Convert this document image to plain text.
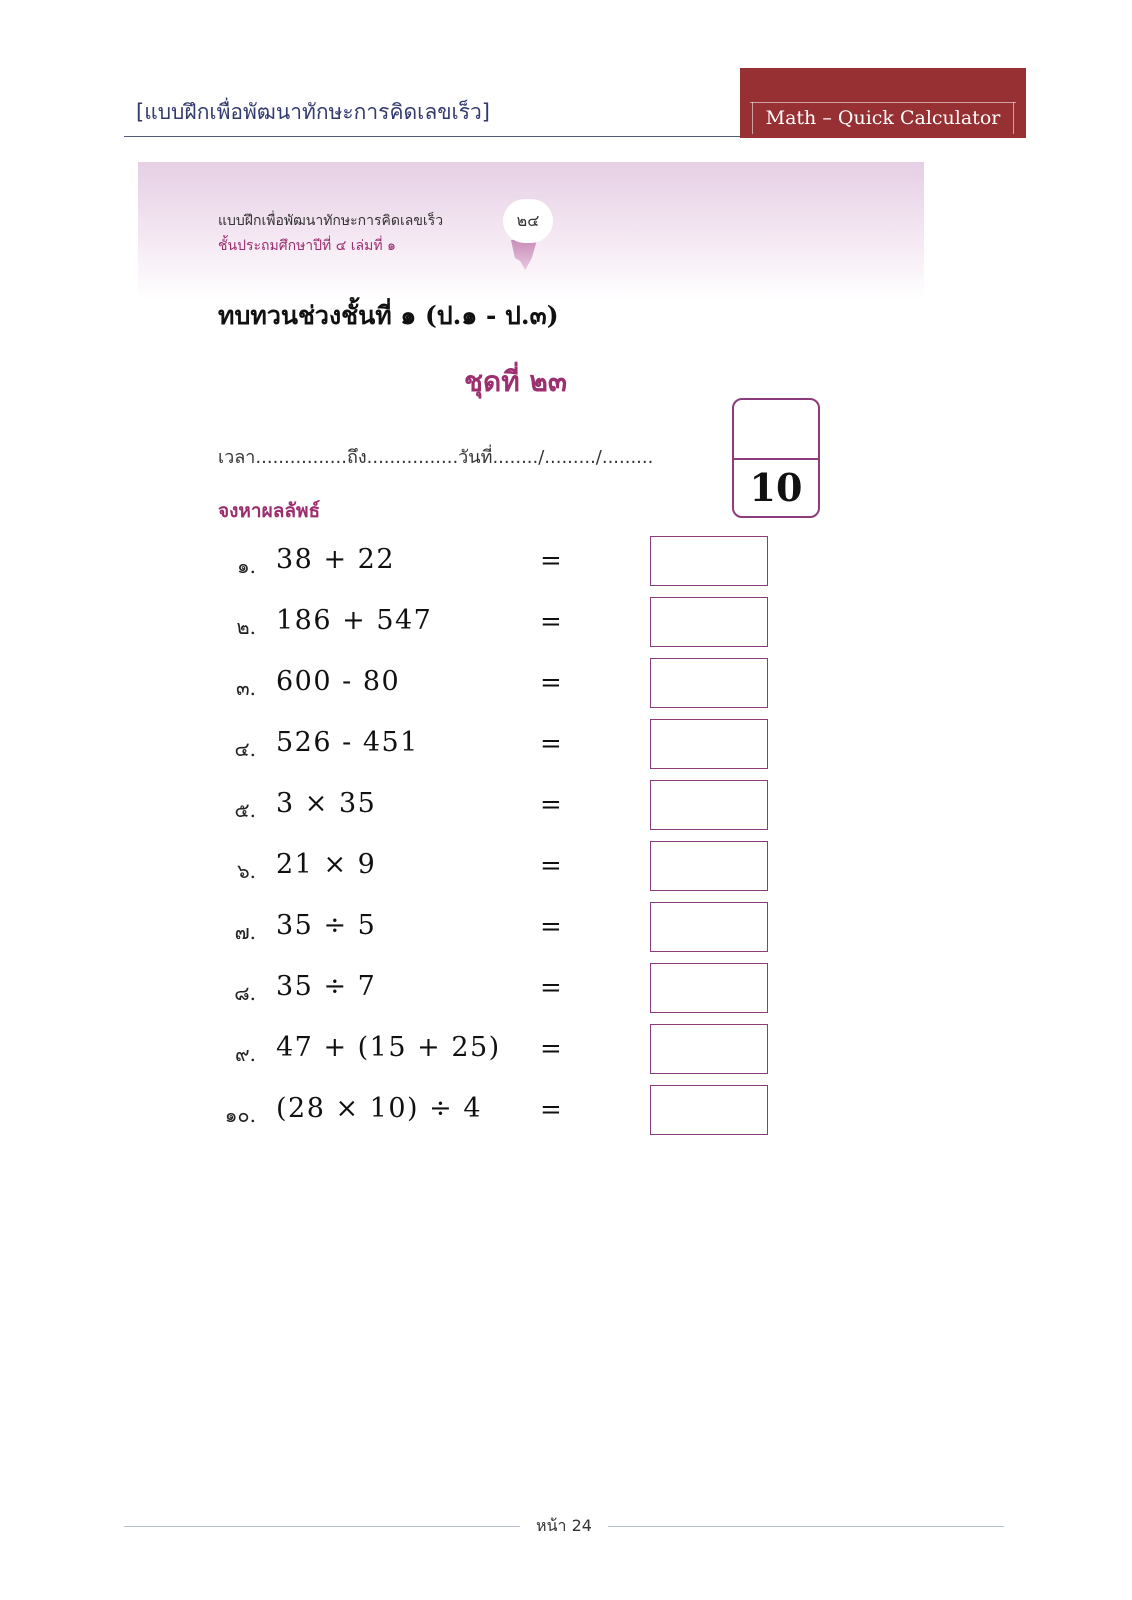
[แบบฝึกเพื่อพัฒนาทักษะการคิดเลขเร็ว]	Math – Quick Calculator
แบบฝึกเพื่อพัฒนาทักษะการคิดเลขเร็ว
ชั้นประถมศึกษาปีที่ ๔ เล่มที่ ๑
๒๔
ทบทวนช่วงชั้นที่ ๑ (ป.๑ - ป.๓)
ชุดที่ ๒๓
เวลา................ถึง................วันที่......../........./.........
จงหาผลลัพธ์
10
๑. 38 + 22	=
๒. 186 + 547	=
๓. 600 - 80	=
๔. 526 - 451	=
๕. 3 × 35	=
๖. 21 × 9	=
๗. 35 ÷ 5	=
๘. 35 ÷ 7	=
๙. 47 + (15 + 25) =
๑๐. (28 × 10) ÷ 4 =
หน้า 24
